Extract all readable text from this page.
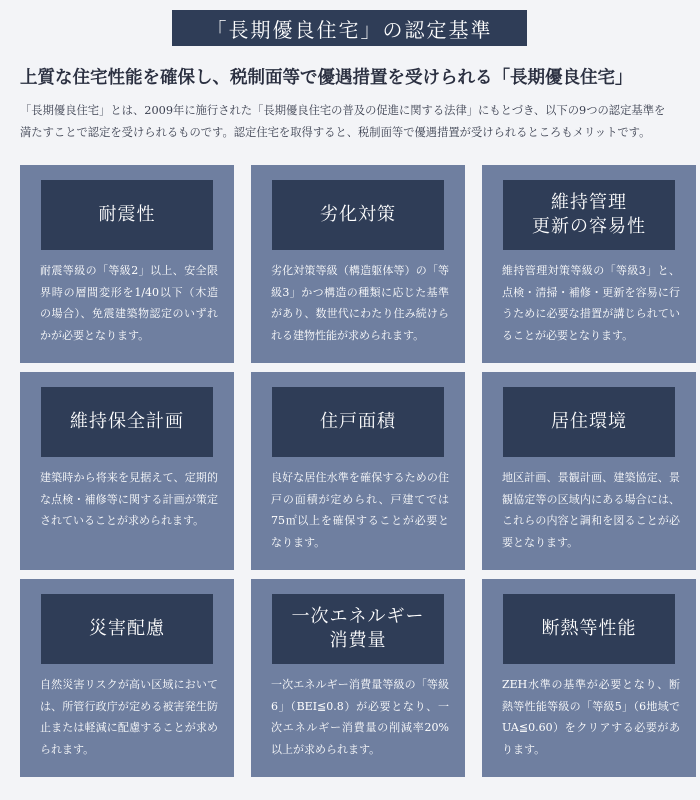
「長期優良住宅」の認定基準
上質な住宅性能を確保し、税制面等で優遇措置を受けられる「長期優良住宅」

「長期優良住宅」とは、2009年に施行された「長期優良住宅の普及の促進に関する法律」にもとづき、以下の9つの認定基準を

満たすことで認定を受けられるものです。認定住宅を取得すると、税制面等で優遇措置が受けられるところもメリットです。

耐震性
耐震等級の「等級2」以上、安全限界時の層間変形を1/40以下（木造の場合）、免震建築物認定のいずれかが必要となります。
劣化対策
劣化対策等級（構造躯体等）の「等級3」かつ構造の種類に応じた基準があり、数世代にわたり住み続けられる建物性能が求められます。
維持管理
更新の容易性
維持管理対策等級の「等級3」と、点検・清掃・補修・更新を容易に行うために必要な措置が講じられていることが必要となります。
維持保全計画
建築時から将来を見据えて、定期的な点検・補修等に関する計画が策定されていることが求められます。
住戸面積
良好な居住水準を確保するための住戸の面積が定められ、戸建てでは75㎡以上を確保することが必要となります。
居住環境
地区計画、景観計画、建築協定、景観協定等の区域内にある場合には、これらの内容と調和を図ることが必要となります。
災害配慮
自然災害リスクが高い区域においては、所管行政庁が定める被害発生防止または軽減に配慮することが求められます。
一次エネルギー
消費量
一次エネルギー消費量等級の「等級6」（BEI≦0.8）が必要となり、一次エネルギー消費量の削減率20%以上が求められます。
断熱等性能
ZEH水準の基準が必要となり、断熱等性能等級の「等級5」（6地域でUA≦0.60）をクリアする必要があります。
